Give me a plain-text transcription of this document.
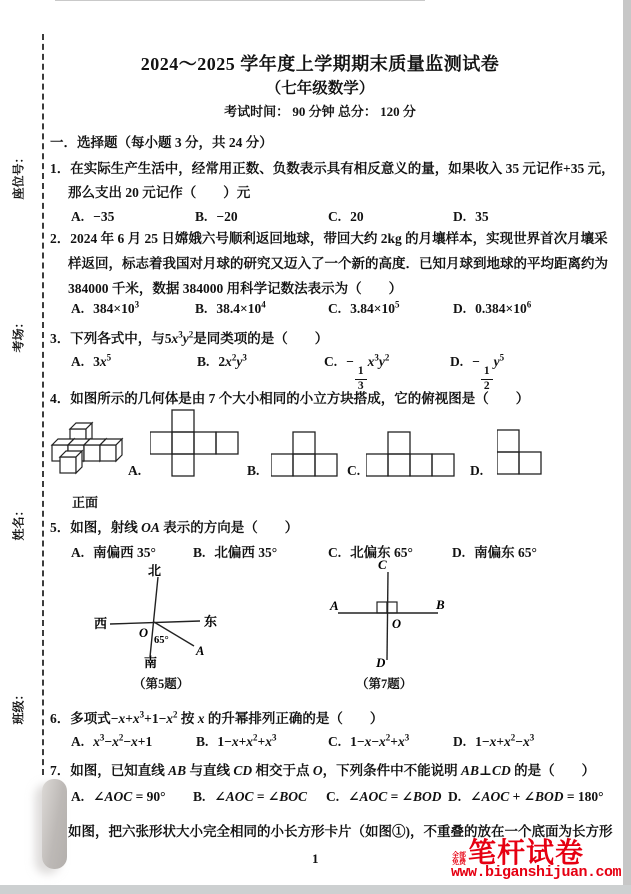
座位号：
考场：
姓名：
班级：
2024～2025 学年度上学期期末质量监测试卷
（七年级数学）
考试时间： 90 分钟 总分： 120 分
一．选择题（每小题 3 分，共 24 分）
1．在实际生产生活中，经常用正数、负数表示具有相反意义的量，如果收入 35 元记作+35 元，
那么支出 20 元记作（　　）元
A. −35	B. −20	C. 20	D. 35
2．2024 年 6 月 25 日嫦娥六号顺利返回地球，带回大约 2kg 的月壤样本，实现世界首次月壤采
样返回，标志着我国对月球的研究又迈入了一个新的高度．已知月球到地球的平均距离约为
384000 千米，数据 384000 用科学记数法表示为（　　）
A. $384\times 10^3$	B. $38.4\times 10^4$	C. $3.84\times 10^5$	D. $0.384\times 10^6$
3．下列各式中，与$5x^3y^2$是同类项的是（　　）
A. $3x^5$	B. $2x^2y^3$	C. −
$\frac{1}{3}$
$x^3y^2$	D. −
$\frac{1}{2}$
$y^5$
4．如图所示的几何体是由 7 个大小相同的小立方块搭成，它的俯视图是（　　）
正面
A.	B.	C.	D.
5．如图，射线 OA 表示的方向是（　　）
A. 南偏西 35°	B. 北偏西 35°	C. 北偏东 65°	D. 南偏东 65°
北
西	东
南
O
A
65°
（第5题）
C
A	B
O
D
（第7题）
6．多项式$-x+x^3+1-x^2$ 按 x 的升幂排列正确的是（　　）
A. $x^3-x^2-x+1$	B. $1-x+x^2+x^3$	C. $1-x-x^2+x^3$	D. $1-x+x^2-x^3$
7．如图，已知直线 AB 与直线 CD 相交于点 O，下列条件中不能说明 AB⊥CD 的是（　　）
A. ∠AOC = 90° B. ∠AOC = ∠BOC C. ∠AOC = ∠BOD D. ∠AOC + ∠BOD = 180°
如图，把六张形状大小完全相同的小长方形卡片（如图①)，不重叠的放在一个底面为长方形
1	全部免费 笔杆试卷
www.biganshijuan.com
